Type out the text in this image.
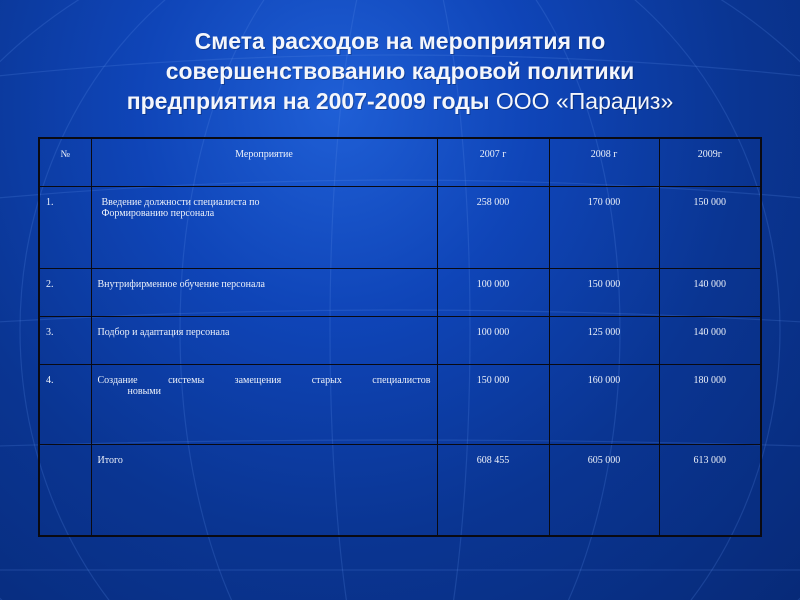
Смета расходов на мероприятия по
совершенствованию кадровой политики
предприятия на 2007-2009 годы ООО «Парадиз»
№	Мероприятие	2007 г	2008 г	2009г
1.	Введение должности специалиста по
Формированию персонала	258 000	170 000	150 000
2.	Внутрифирменное обучение персонала	100 000	150 000	140 000
3.	Подбор и адаптация персонала	100 000	125 000	140 000
4.	Создание системы замещения старых специалистов
новыми	150 000	160 000	180 000
	Итого	608 455	605 000	613 000
